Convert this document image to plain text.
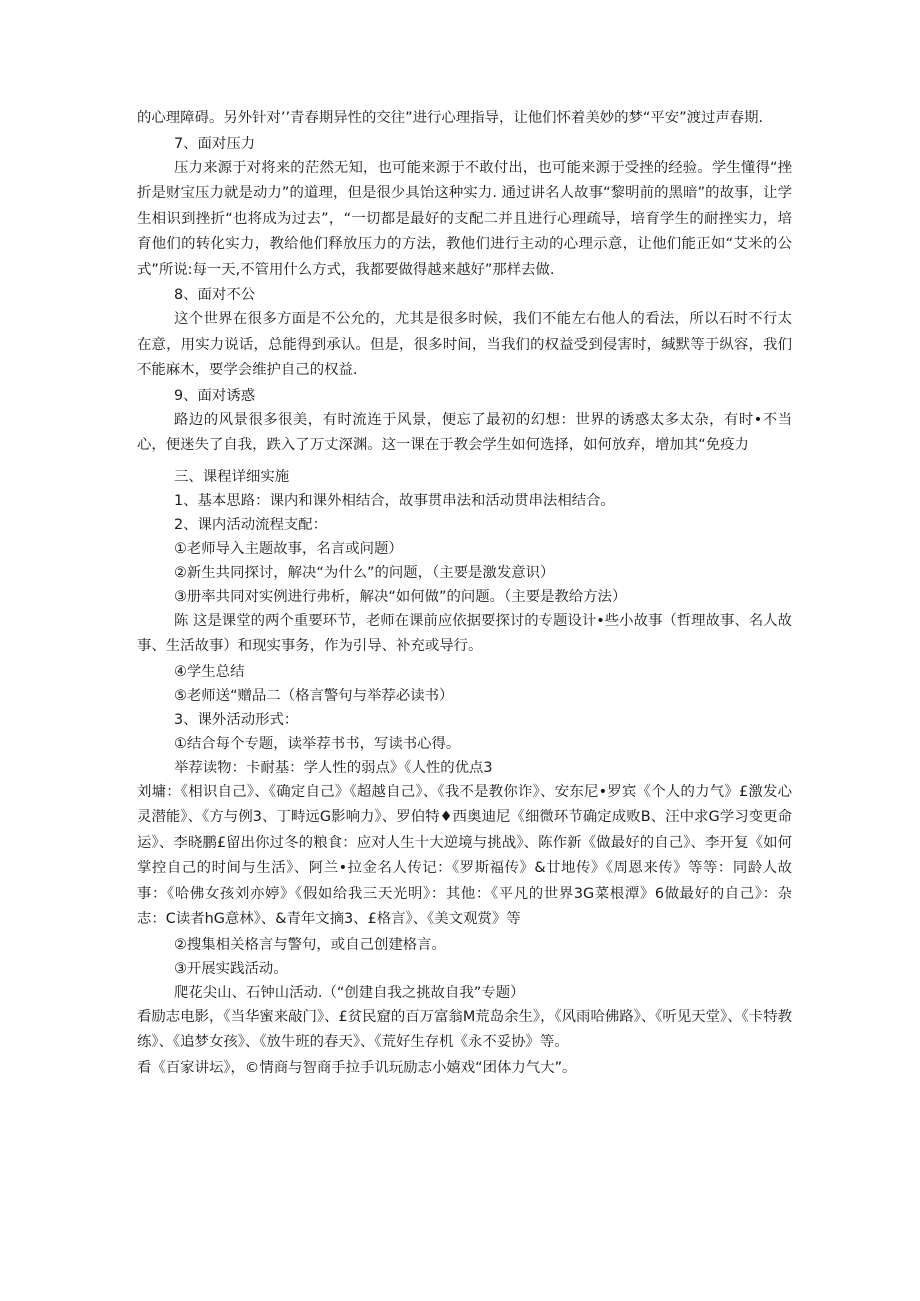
的心理障碍。另外针对’’青春期异性的交往”进行心理指导，让他们怀着美妙的梦“平安”渡过声春期.

7、面对压力

压力来源于对将来的茫然无知，也可能来源于不敢付出，也可能来源于受挫的经验。学生懂得“挫折是财宝压力就是动力”的道理，但是很少具饴这种实力. 通过讲名人故事“黎明前的黑暗”的故事，让学生相识到挫折“也将成为过去”，“一切都是最好的支配二并且进行心理疏导，培育学生的耐挫实力，培育他们的转化实力，教给他们释放压力的方法，教他们进行主动的心理示意，让他们能正如“艾米的公式”所说:每一天,不管用什么方式，我都要做得越来越好”那样去做.

8、面对不公

这个世界在很多方面是不公允的，尤其是很多时候，我们不能左右他人的看法，所以石时不行太在意，用实力说话，总能得到承认。但是，很多时间，当我们的权益受到侵害时，缄默等于纵容，我们不能麻木，要学会维护自己的权益.

9、面对诱惑

路边的风景很多很美，有时流连于风景，便忘了最初的幻想：世界的诱惑太多太杂，有时•不当心，便迷失了自我，跌入了万丈深渊。这一课在于教会学生如何选择，如何放弃，增加其“免疫力

三、课程详细实施

1、基本思路：课内和课外相结合，故事贯串法和活动贯串法相结合。

2、课内活动流程支配：

①老师导入主题故事，名言或问题）

②新生共同探讨，解决“为什么”的问题，（主要是激发意识）

③册率共同对实例进行弗析，解决“如何做”的问题。（主要是教给方法）

陈 这是课堂的两个重要环节，老师在课前应依据要探讨的专题设计•些小故事（哲理故事、名人故事、生活故事）和现实事务，作为引导、补充或导行。

④学生总结

⑤老师送“赠品二（格言警句与举荐必读书）

3、课外活动形式：

①结合每个专题，读举荐书书，写读书心得。

举荐读物：卡耐基：学人性的弱点》《人性的优点3

刘墉：《相识自己》、《确定自己》《超越自己》、《我不是教你诈》、安东尼•罗宾《个人的力气》£激发心灵潜能》、《方与例3、丁畤远G影响力》、罗伯特♦西奥迪尼《细微环节确定成败B、汪中求G学习变更命运》、李晓鹏£留出你过冬的粮食：应对人生十大逆境与挑战》、陈作新《做最好的自己》、李开复《如何掌控自己的时间与生活》、阿兰•拉金名人传记：《罗斯福传》&廿地传》《周恩来传》等等：同龄人故事：《哈佛女孩刘亦婷》《假如给我三天光明》：其他：《平凡的世界3G菜根潭》6做最好的自己》：杂志：C读者hG意林》、&青年文摘3、£格言》、《美文观赏》等

②搜集相关格言与警句，或自己创建格言。

③开展实践活动。

爬花尖山、石钟山活动.（“创建自我之挑故自我”专题）

看励志电影，《当华蜜来敲门》、£贫民窟的百万富翁M荒岛余生》，《风雨哈佛路》、《听见天堂》、《卡特教练》、《追梦女孩》、《放牛班的春天》、《荒好生存机《永不妥协》等。

看《百家讲坛》，©情商与智商手拉手讥玩励志小嬉戏“团体力气大”。
